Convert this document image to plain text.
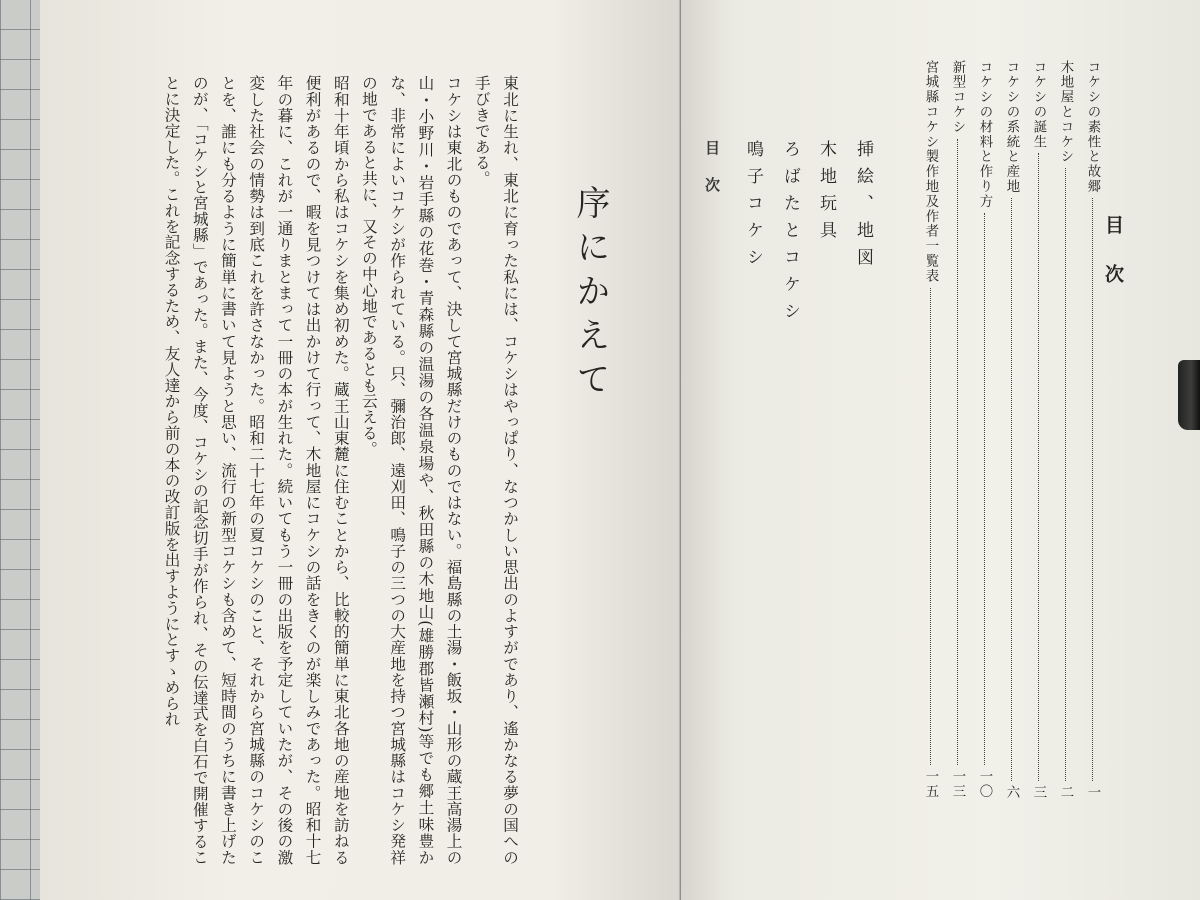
序にかえて

東北に生れ、東北に育った私には、コケシはやっぱり、なつかしい思出のよすがであり、遙かなる夢の国への手びきである。

コケシは東北のものであって、決して宮城縣だけのものではない。福島縣の土湯・飯坂・山形の蔵王高湯上の山・小野川・岩手縣の花巻・青森縣の温湯の各温泉場や、秋田縣の木地山(雄勝郡皆瀬村)等でも郷土味豊かな、非常によいコケシが作られている。只、彌治郎、遠刈田、鳴子の三つの大産地を持つ宮城縣はコケシ発祥の地であると共に、又その中心地であるとも云える。

昭和十年頃から私はコケシを集め初めた。蔵王山東麓に住むことから、比較的簡単に東北各地の産地を訪ねる便利があるので、暇を見つけては出かけて行って、木地屋にコケシの話をきくのが楽しみであった。昭和十七年の暮に、これが一通りまとまって一冊の本が生れた。続いてもう一冊の出版を予定していたが、その後の激変した社会の情勢は到底これを許さなかった。昭和二十七年の夏コケシのこと、それから宮城縣のコケシのことを、誰にも分るように簡単に書いて見ようと思い、流行の新型コケシも含めて、短時間のうちに書き上げたのが、「コケシと宮城縣」であった。また、今度、コケシの記念切手が作られ、その伝達式を白石で開催することに決定した。これを記念するため、友人達から前の本の改訂版を出すようにとすゝめられ	目次
コケシの素性と故郷
一
木地屋とコケシ
二
コケシの誕生
三
コケシの系統と産地
六
コケシの材料と作り方
一〇
新型コケシ
一三
宮城縣コケシ製作地及作者一覧表
一五
挿絵、地図
木地玩具
ろばたとコケシ
鳴子コケシ
目次
